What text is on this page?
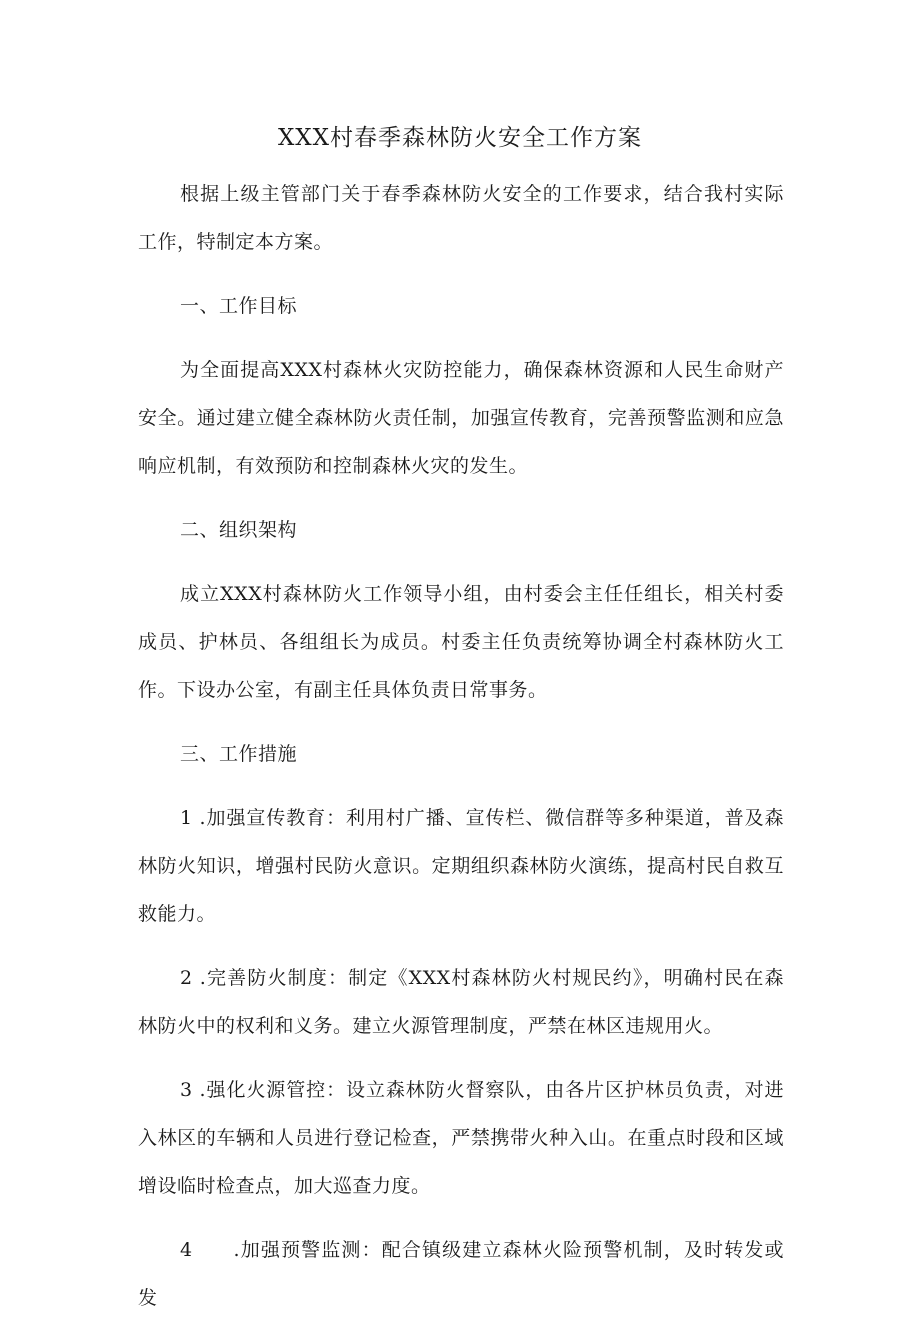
XXX村春季森林防火安全工作方案

根据上级主管部门关于春季森林防火安全的工作要求，结合我村实际工作，特制定本方案。

一、工作目标

为全面提高XXX村森林火灾防控能力，确保森林资源和人民生命财产安全。通过建立健全森林防火责任制，加强宣传教育，完善预警监测和应急响应机制，有效预防和控制森林火灾的发生。

二、组织架构

成立XXX村森林防火工作领导小组，由村委会主任任组长，相关村委成员、护林员、各组组长为成员。村委主任负责统筹协调全村森林防火工作。下设办公室，有副主任具体负责日常事务。

三、工作措施

1 .加强宣传教育：利用村广播、宣传栏、微信群等多种渠道，普及森林防火知识，增强村民防火意识。定期组织森林防火演练，提高村民自救互救能力。

2 .完善防火制度：制定《XXX村森林防火村规民约》，明确村民在森林防火中的权利和义务。建立火源管理制度，严禁在林区违规用火。

3 .强化火源管控：设立森林防火督察队，由各片区护林员负责，对进入林区的车辆和人员进行登记检查，严禁携带火种入山。在重点时段和区域增设临时检查点，加大巡查力度。

4　　.加强预警监测：配合镇级建立森林火险预警机制，及时转发或发
